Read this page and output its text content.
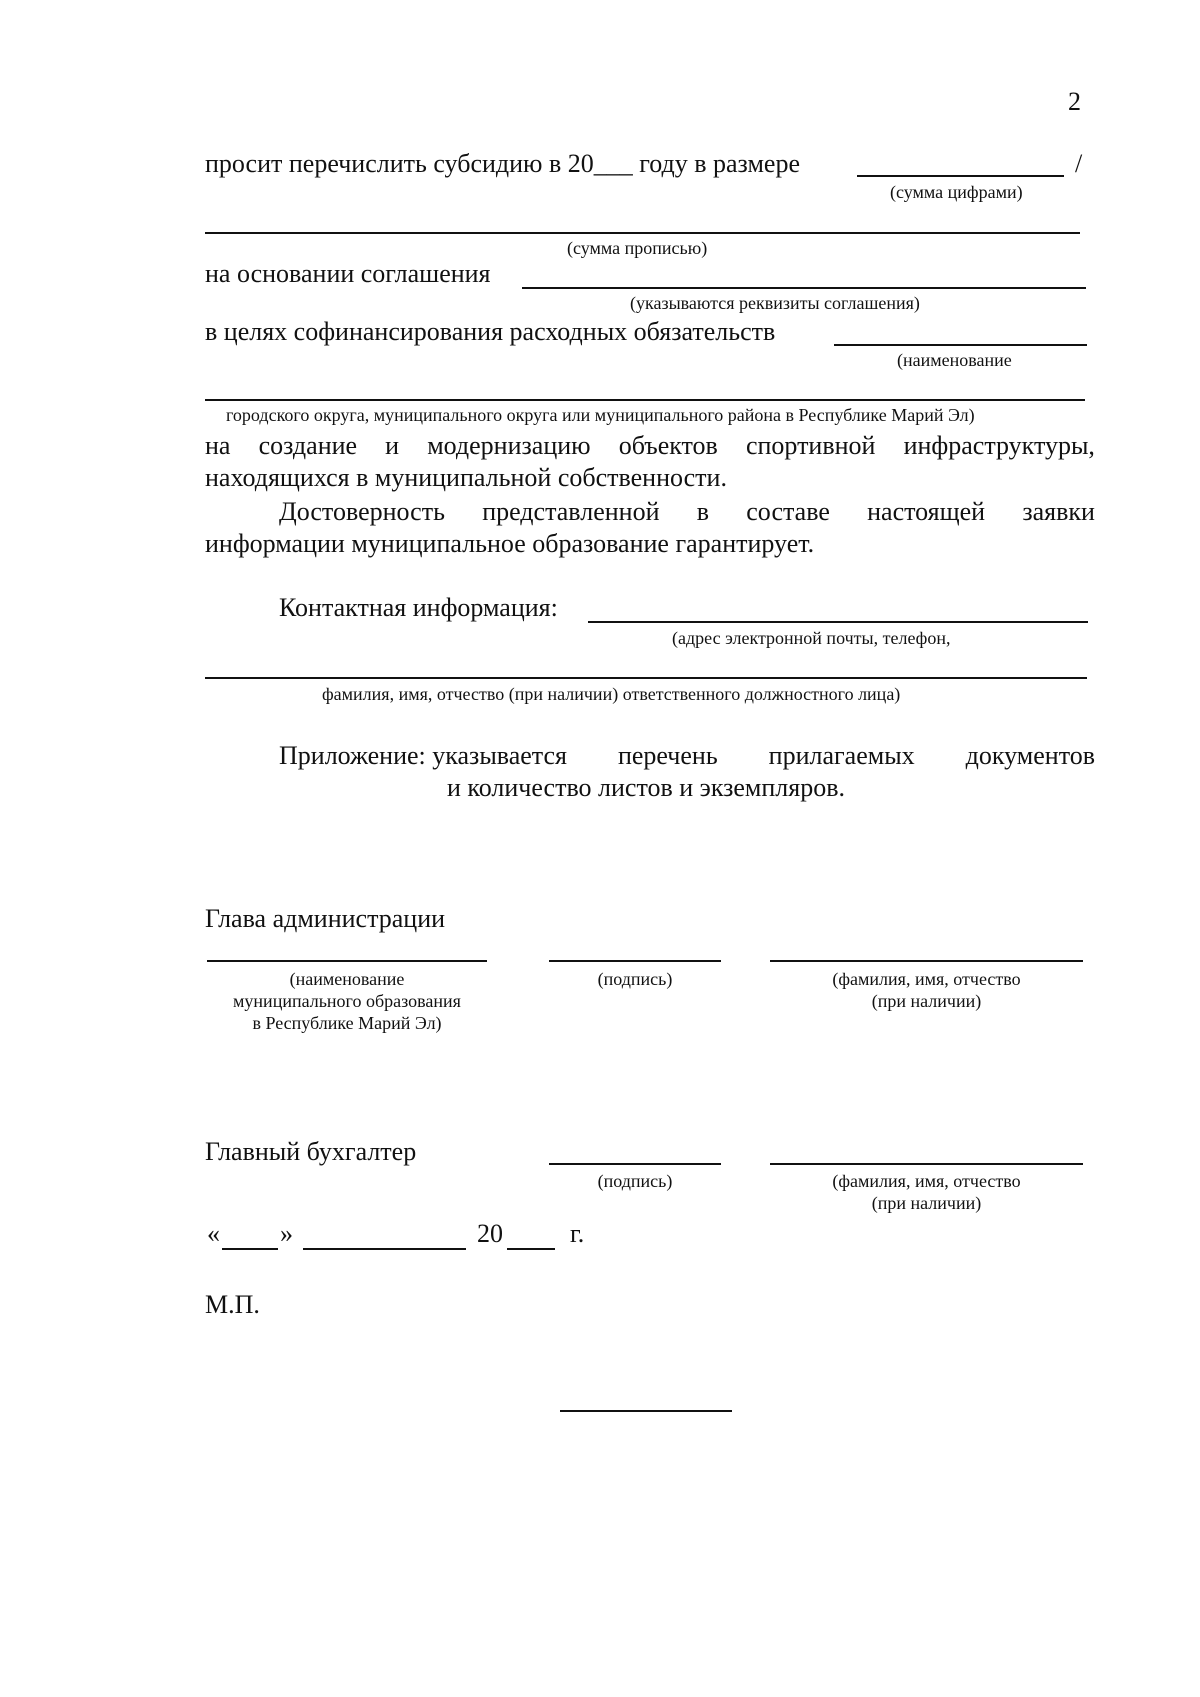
2
просит перечислить субсидию в 20___ году в размере	/
(сумма цифрами)
(сумма прописью)
на основании соглашения
(указываются реквизиты соглашения)
в целях софинансирования расходных обязательств
(наименование
городского округа, муниципального округа или муниципального района в Республике Марий Эл)
на создание и модернизацию объектов спортивной инфраструктуры,
находящихся в муниципальной собственности.
Достоверность представленной в составе настоящей заявки
информации муниципальное образование гарантирует.
Контактная информация:
(адрес электронной почты, телефон,
фамилия, имя, отчество (при наличии) ответственного должностного лица)
Приложение: указывается перечень прилагаемых документов
и количество листов и экземпляров.
Глава администрации
(наименование
муниципального образования
в Республике Марий Эл)
(подпись)	(фамилия, имя, отчество
(при наличии)
Главный бухгалтер
(подпись)	(фамилия, имя, отчество
(при наличии)
« »	20	г.
М.П.
